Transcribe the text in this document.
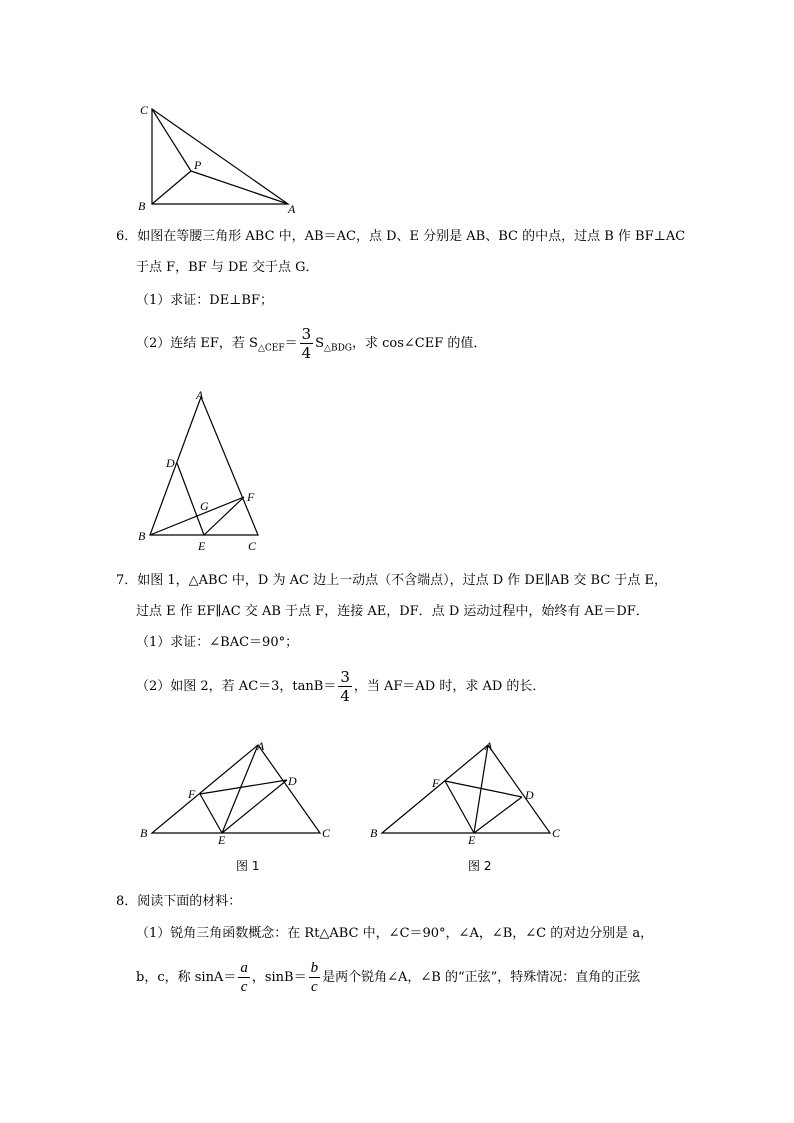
C
P
B	A
6．如图在等腰三角形 ABC 中，AB＝AC，点 D、E 分别是 AB、BC 的中点，过点 B 作 BF⊥AC
于点 F，BF 与 DE 交于点 G．
（1）求证：DE⊥BF；
（2）连结 EF，若 $S_{\triangle CEF}= \frac{3}{4} S_{\triangle BDG}$，求 cos∠CEF 的值．
A
D
F
G
B
E	C
7．如图 1，△ABC 中，D 为 AC 边上一动点（不含端点），过点 D 作 DE∥AB 交 BC 于点 E，
过点 E 作 EF∥AC 交 AB 于点 F，连接 AE，DF．点 D 运动过程中，始终有 AE＝DF．
（1）求证：∠BAC＝90°；
（2）如图 2，若 AC＝3，$\tan B= \frac{3}{4}$ ，当 AF＝AD 时，求 AD 的长．
A
D
F
B	E	C
图 1
A
D
F
B	E	C
图 2
8．阅读下面的材料：
（1）锐角三角函数概念：在 Rt△ABC 中，∠C＝90°，∠A，∠B，∠C 的对边分别是 a，
b，c，称 $\sin A= \frac{a}{c}$ ，$\sin B= \frac{b}{c}$ 是两个锐角∠A，∠B 的“正弦”，特殊情况：直角的正弦
